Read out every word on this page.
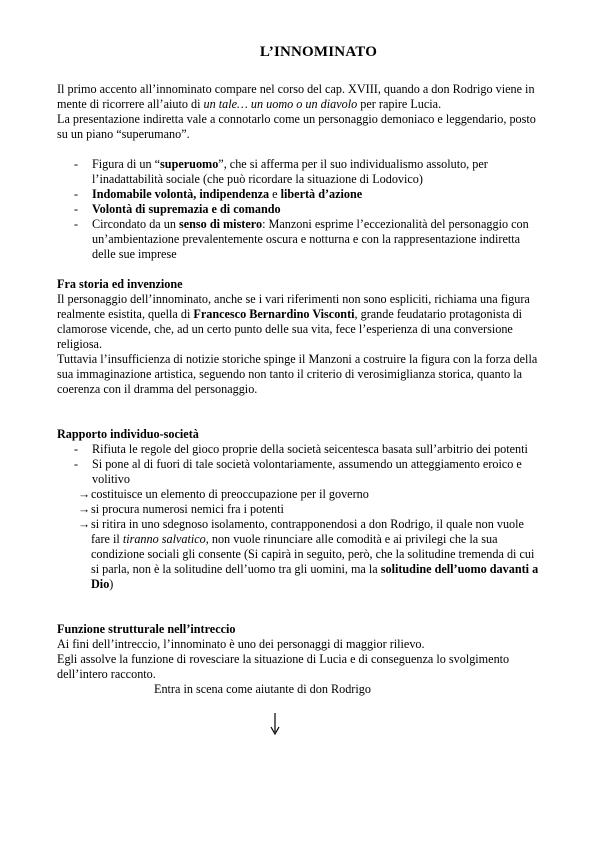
L’INNOMINATO

Il primo accento all’innominato compare nel corso del cap. XVIII, quando a don Rodrigo viene in mente di ricorrere all’aiuto di un tale… un uomo o un diavolo per rapire Lucia.

La presentazione indiretta vale a connotarlo come un personaggio demoniaco e leggendario, posto su un piano “superumano”.

- Figura di un “superuomo”, che si afferma per il suo individualismo assoluto, per l’inadattabilità sociale (che può ricordare la situazione di Lodovico)
- Indomabile volontà, indipendenza e libertà d’azione
- Volontà di supremazia e di comando
- Circondato da un senso di mistero: Manzoni esprime l’eccezionalità del personaggio con un’ambientazione prevalentemente oscura e notturna e con la rappresentazione indiretta delle sue imprese

Fra storia ed invenzione

Il personaggio dell’innominato, anche se i vari riferimenti non sono espliciti, richiama una figura realmente esistita, quella di Francesco Bernardino Visconti, grande feudatario protagonista di clamorose vicende, che, ad un certo punto delle sua vita, fece l’esperienza di una conversione religiosa.

Tuttavia l’insufficienza di notizie storiche spinge il Manzoni a costruire la figura con la forza della sua immaginazione artistica, seguendo non tanto il criterio di verosimiglianza storica, quanto la coerenza con il dramma del personaggio.

Rapporto individuo-società

- Rifiuta le regole del gioco proprie della società seicentesca basata sull’arbitrio dei potenti
- Si pone al di fuori di tale società volontariamente, assumendo un atteggiamento eroico e volitivo
→ costituisce un elemento di preoccupazione per il governo
→ si procura numerosi nemici fra i potenti
→ si ritira in uno sdegnoso isolamento, contrapponendosi a don Rodrigo, il quale non vuole fare il tiranno salvatico, non vuole rinunciare alle comodità e ai privilegi che la sua condizione sociali gli consente (Si capirà in seguito, però, che la solitudine tremenda di cui si parla, non è la solitudine dell’uomo tra gli uomini, ma la solitudine dell’uomo davanti a Dio)

Funzione strutturale nell’intreccio

Ai fini dell’intreccio, l’innominato è uno dei personaggi di maggior rilievo.

Egli assolve la funzione di rovesciare la situazione di Lucia e di conseguenza lo svolgimento dell’intero racconto.

Entra in scena come aiutante di don Rodrigo
